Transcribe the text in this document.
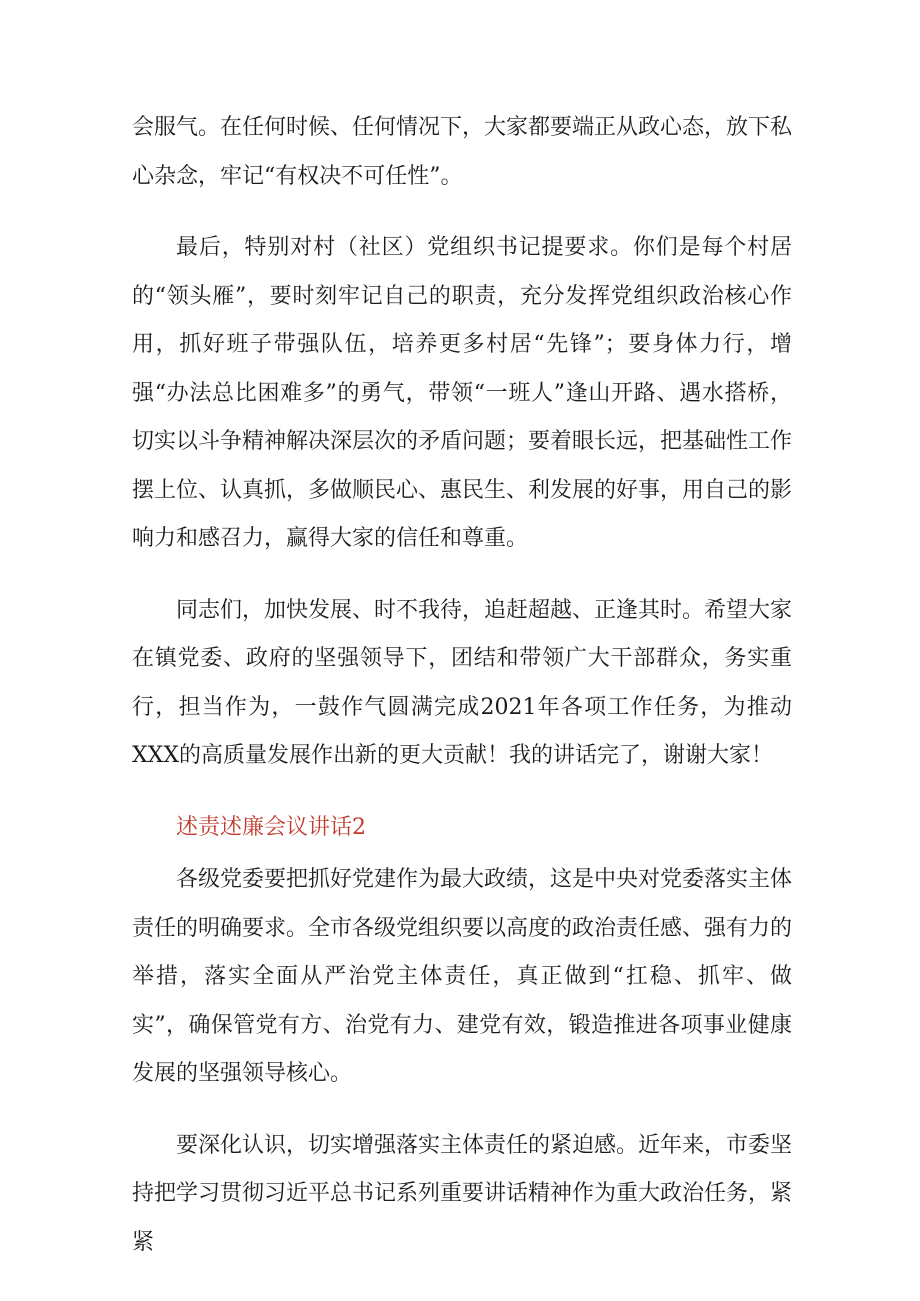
会服气。在任何时候、任何情况下，大家都要端正从政心态，放下私心杂念，牢记“有权决不可任性”。

最后，特别对村（社区）党组织书记提要求。你们是每个村居的“领头雁”，要时刻牢记自己的职责，充分发挥党组织政治核心作用，抓好班子带强队伍，培养更多村居“先锋”；要身体力行，增强“办法总比困难多”的勇气，带领“一班人”逢山开路、遇水搭桥，切实以斗争精神解决深层次的矛盾问题；要着眼长远，把基础性工作摆上位、认真抓，多做顺民心、惠民生、利发展的好事，用自己的影响力和感召力，赢得大家的信任和尊重。

同志们，加快发展、时不我待，追赶超越、正逢其时。希望大家在镇党委、政府的坚强领导下，团结和带领广大干部群众，务实重行，担当作为，一鼓作气圆满完成2021年各项工作任务，为推动XXX的高质量发展作出新的更大贡献！我的讲话完了，谢谢大家！

述责述廉会议讲话2

各级党委要把抓好党建作为最大政绩，这是中央对党委落实主体责任的明确要求。全市各级党组织要以高度的政治责任感、强有力的举措，落实全面从严治党主体责任，真正做到“扛稳、抓牢、做实”，确保管党有方、治党有力、建党有效，锻造推进各项事业健康发展的坚强领导核心。

要深化认识，切实增强落实主体责任的紧迫感。近年来，市委坚持把学习贯彻习近平总书记系列重要讲话精神作为重大政治任务，紧紧
